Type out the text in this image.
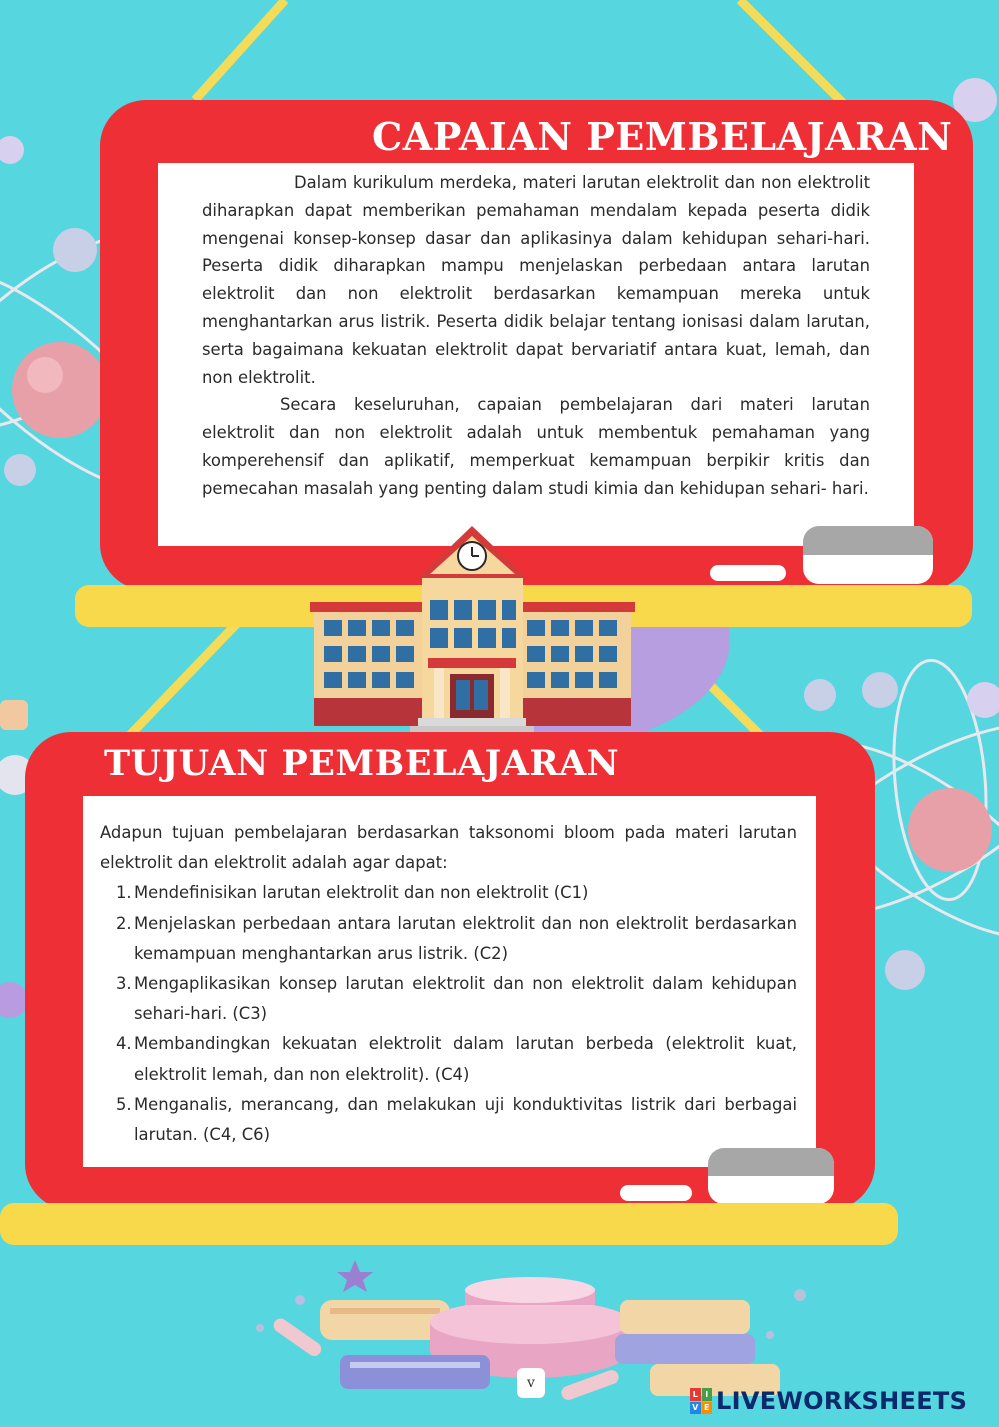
CAPAIAN PEMBELAJARAN

Dalam kurikulum merdeka, materi larutan elektrolit dan non elektrolit diharapkan dapat memberikan pemahaman mendalam kepada peserta didik mengenai konsep-konsep dasar dan aplikasinya dalam kehidupan sehari-hari. Peserta didik diharapkan mampu menjelaskan perbedaan antara larutan elektrolit dan non elektrolit berdasarkan kemampuan mereka untuk menghantarkan arus listrik. Peserta didik belajar tentang ionisasi dalam larutan, serta bagaimana kekuatan elektrolit dapat bervariatif antara kuat, lemah, dan non elektrolit.

Secara keseluruhan, capaian pembelajaran dari materi larutan elektrolit dan non elektrolit adalah untuk membentuk pemahaman yang komperehensif dan aplikatif, memperkuat kemampuan berpikir kritis dan pemecahan masalah yang penting dalam studi kimia dan kehidupan sehari- hari.

TUJUAN PEMBELAJARAN

Adapun tujuan pembelajaran berdasarkan taksonomi bloom pada materi larutan elektrolit dan elektrolit adalah agar dapat:

1. Mendefinisikan larutan elektrolit dan non elektrolit (C1)
2. Menjelaskan perbedaan antara larutan elektrolit dan non elektrolit berdasarkan kemampuan menghantarkan arus listrik. (C2)
3. Mengaplikasikan konsep larutan elektrolit dan non elektrolit dalam kehidupan sehari-hari. (C3)
4. Membandingkan kekuatan elektrolit dalam larutan berbeda (elektrolit kuat, elektrolit lemah, dan non elektrolit). (C4)
5. Menganalis, merancang, dan melakukan uji konduktivitas listrik dari berbagai larutan. (C4, C6)
v
L I
V E LIVEWORKSHEETS
